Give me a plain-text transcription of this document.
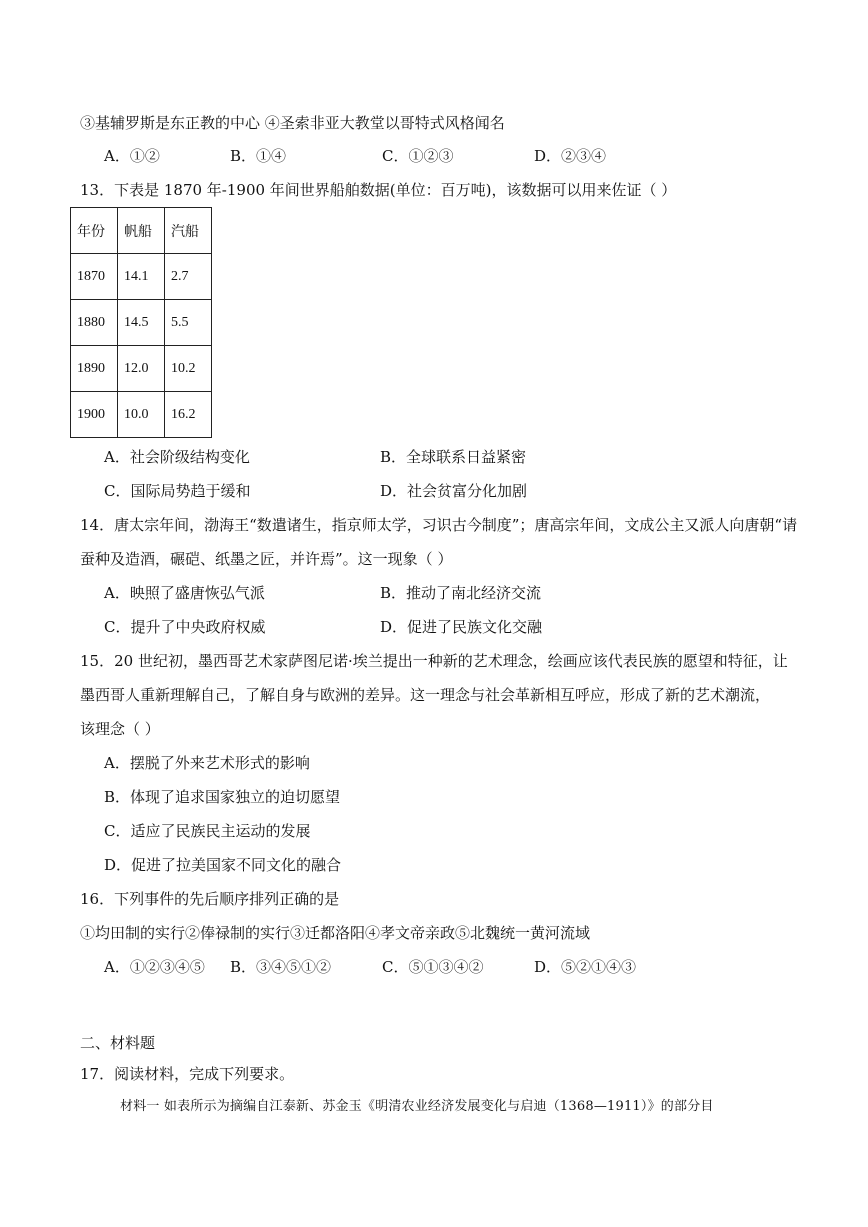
③基辅罗斯是东正教的中心 ④圣索非亚大教堂以哥特式风格闻名
A．①②	B．①④	C．①②③	D．②③④
13．下表是 1870 年-1900 年间世界船舶数据(单位：百万吨)，该数据可以用来佐证（ ）
年份	帆船	汽船
1870	14.1	2.7
1880	14.5	5.5
1890	12.0	10.2
1900	10.0	16.2
A．社会阶级结构变化	B．全球联系日益紧密
C．国际局势趋于缓和	D．社会贫富分化加剧
14．唐太宗年间，渤海王“数遣诸生，指京师太学，习识古今制度”；唐高宗年间，文成公主又派人向唐朝“请
蚕种及造酒，碾硙、纸墨之匠，并许焉”。这一现象（ ）
A．映照了盛唐恢弘气派	B．推动了南北经济交流
C．提升了中央政府权威	D．促进了民族文化交融
15．20 世纪初，墨西哥艺术家萨图尼诺·埃兰提出一种新的艺术理念，绘画应该代表民族的愿望和特征，让
墨西哥人重新理解自己，了解自身与欧洲的差异。这一理念与社会革新相互呼应，形成了新的艺术潮流，
该理念（ ）
A．摆脱了外来艺术形式的影响
B．体现了追求国家独立的迫切愿望
C．适应了民族民主运动的发展
D．促进了拉美国家不同文化的融合
16．下列事件的先后顺序排列正确的是
①均田制的实行②俸禄制的实行③迁都洛阳④孝文帝亲政⑤北魏统一黄河流域
A．①②③④⑤ B．③④⑤①②	C．⑤①③④②	D．⑤②①④③
二、材料题
17．阅读材料，完成下列要求。
材料一 如表所示为摘编自江泰新、苏金玉《明清农业经济发展变化与启迪（1368—1911）》的部分目
